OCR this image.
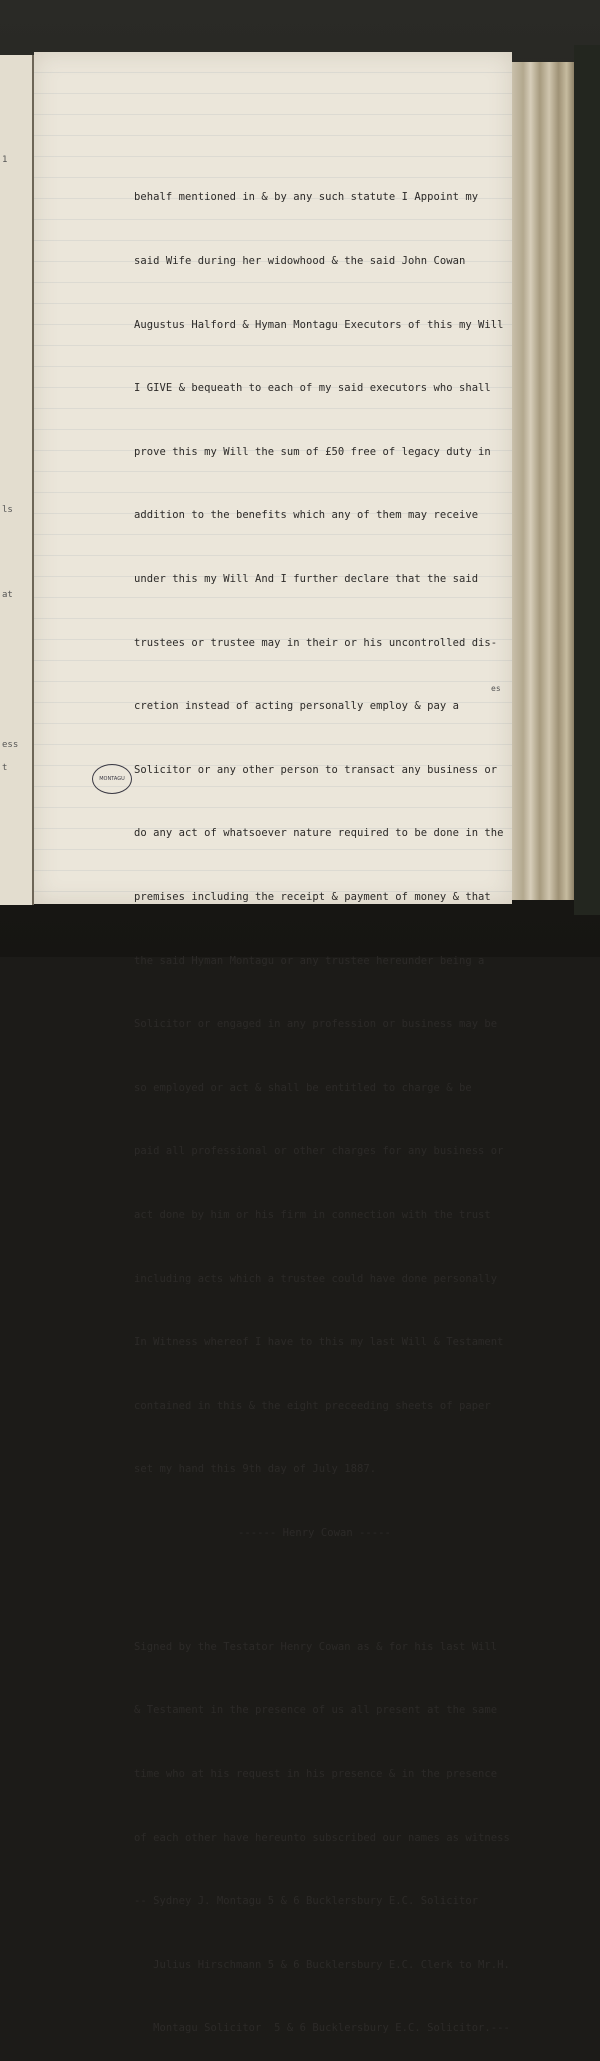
1
ls
at
ess
t

behalf mentioned in & by any such statute I Appoint my

said Wife during her widowhood & the said John Cowan

Augustus Halford & Hyman Montagu Executors of this my Will

I GIVE & bequeath to each of my said executors who shall

prove this my Will the sum of £50 free of legacy duty in

addition to the benefits which any of them may receive

under this my Will And I further declare that the said

trustees or trustee may in their or his uncontrolled dis-

cretion instead of acting personally employ & pay a

Solicitor or any other person to transact any business or

do any act of whatsoever nature required to be done in the

premises including the receipt & payment of money & that

the said Hyman Montagu or any trustee hereunder being a

Solicitor or engaged in any profession or business may be

so employed or act & shall be entitled to charge & be

paid all professional or other charges for any business or

act done by him or his firm in connection with the trust

including acts which a trustee could have done personally

In Witness whereof I have to this my last Will & Testament

contained in this & the eight preceeding sheets of paper

set my hand this 9th day of July 1887.

------ Henry Cowan -----

Signed by the Testator Henry Cowan as & for his last Will

& Testament in the presence of us all present at the same

time who at his request in his presence & in the presence

of each other have hereunto subscribed our names as witness

-- Sydney J. Montagu 5 & 6 Bucklersbury E.C. Solicitor

Julius Hirschmann 5 & 6 Bucklersbury E.C. Clerk to Mr.H.

Montagu Solicitor  5 & 6 Bucklersbury E.C. Solicitor.---

es
MONTAGU
